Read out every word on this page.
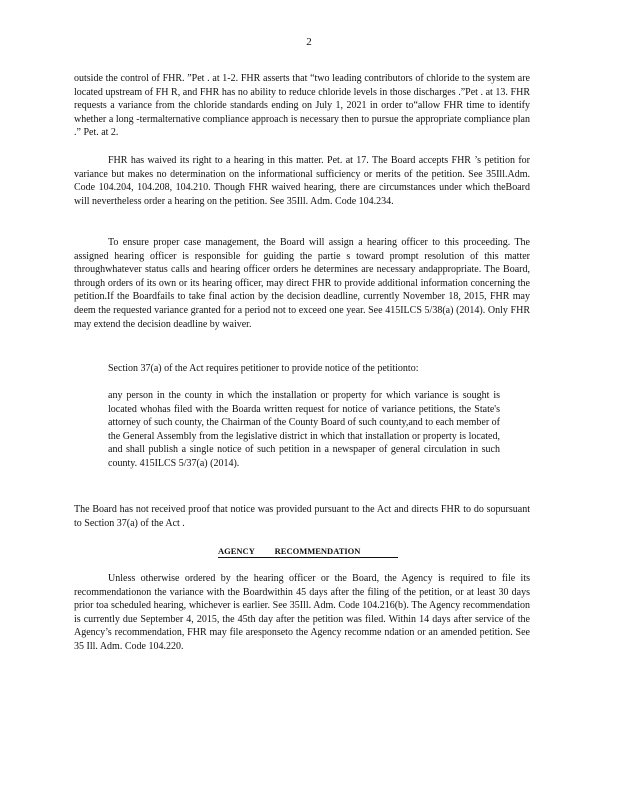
2

outside the control of FHR. ”Pet . at 1-2. FHR asserts that “two leading contributors of chloride to the system are located upstream of FH R, and FHR has no ability to reduce chloride levels in those discharges .”Pet . at 13. FHR requests a variance from the chloride standards ending on July 1, 2021 in order to“allow FHR time to identify whether a long -termalternative compliance approach is necessary then to pursue the appropriate compliance plan .” Pet. at 2.

FHR has waived its right to a hearing in this matter. Pet. at 17. The Board accepts FHR ’s petition for variance but makes no determination on the informational sufficiency or merits of the petition. See 35Ill.Adm. Code 104.204, 104.208, 104.210. Though FHR waived hearing, there are circumstances under which theBoard will nevertheless order a hearing on the petition. See 35Ill. Adm. Code 104.234.

To ensure proper case management, the Board will assign a hearing officer to this proceeding. The assigned hearing officer is responsible for guiding the partie s toward prompt resolution of this matter throughwhatever status calls and hearing officer orders he determines are necessary andappropriate. The Board, through orders of its own or its hearing officer, may direct FHR to provide additional information concerning the petition.If the Boardfails to take final action by the decision deadline, currently November 18, 2015, FHR may deem the requested variance granted for a period not to exceed one year. See 415ILCS 5/38(a) (2014). Only FHR may extend the decision deadline by waiver.

Section 37(a) of the Act requires petitioner to provide notice of the petitionto:

any person in the county in which the installation or property for which variance is sought is located whohas filed with the Boarda written request for notice of variance petitions, the State's attorney of such county, the Chairman of the County Board of such county,and to each member of the General Assembly from the legislative district in which that installation or property is located, and shall publish a single notice of such petition in a newspaper of general circulation in such county. 415ILCS 5/37(a) (2014).

The Board has not received proof that notice was provided pursuant to the Act and directs FHR to do sopursuant to Section 37(a) of the Act .

AGENCY RECOMMENDATION

Unless otherwise ordered by the hearing officer or the Board, the Agency is required to file its recommendationon the variance with the Boardwithin 45 days after the filing of the petition, or at least 30 days prior toa scheduled hearing, whichever is earlier. See 35Ill. Adm. Code 104.216(b). The Agency recommendation is currently due September 4, 2015, the 45th day after the petition was filed. Within 14 days after service of the Agency’s recommendation, FHR may file aresponseto the Agency recomme ndation or an amended petition. See 35 Ill. Adm. Code 104.220.
